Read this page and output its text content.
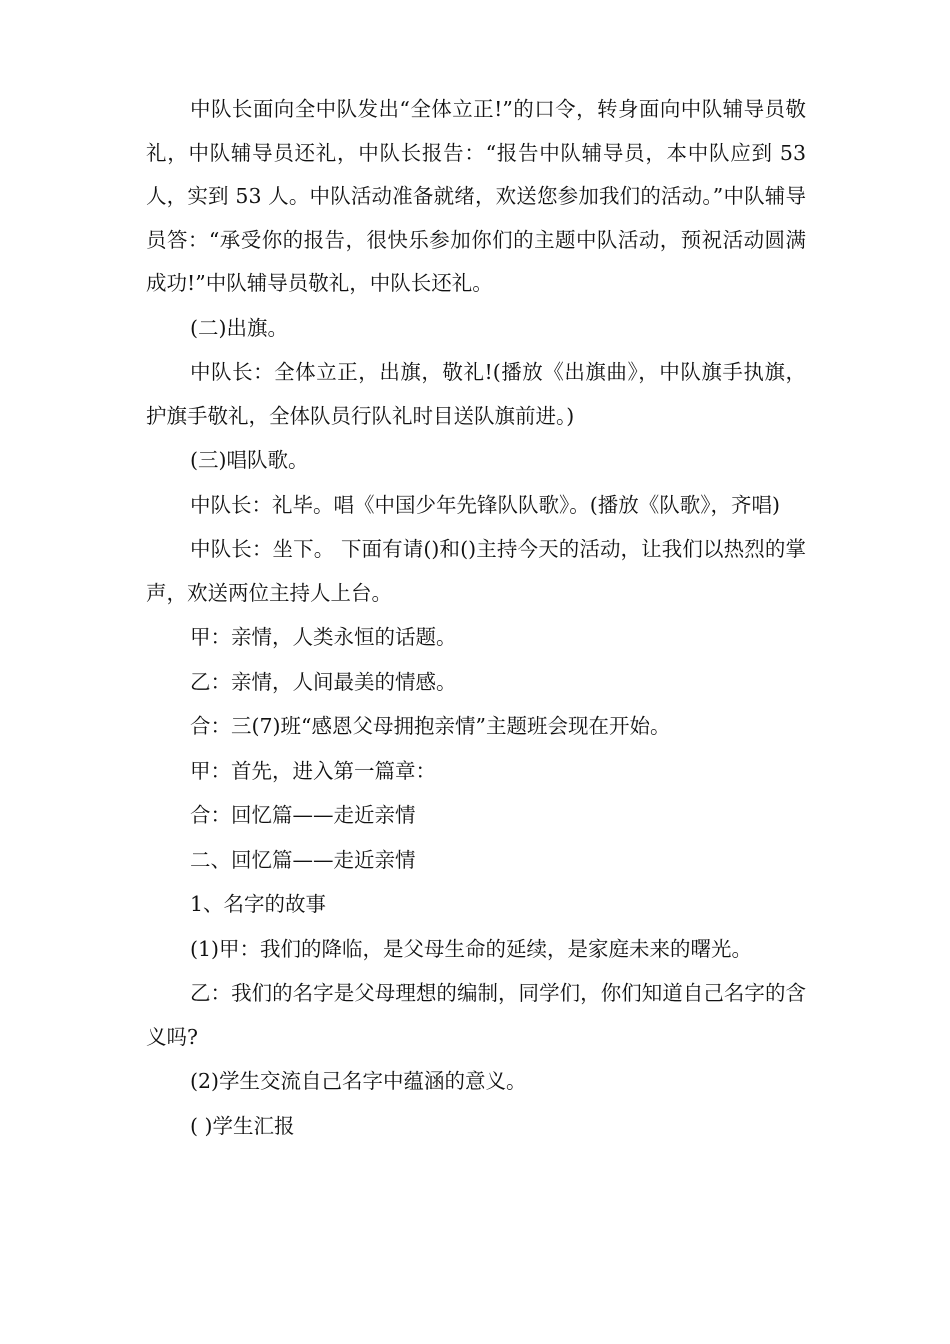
中队长面向全中队发出“全体立正!”的口令，转身面向中队辅导员敬礼，中队辅导员还礼，中队长报告：“报告中队辅导员，本中队应到 53 人，实到 53 人。中队活动准备就绪，欢送您参加我们的活动。”中队辅导员答：“承受你的报告，很快乐参加你们的主题中队活动，预祝活动圆满成功!”中队辅导员敬礼，中队长还礼。

(二)出旗。

中队长：全体立正，出旗，敬礼!(播放《出旗曲》，中队旗手执旗，护旗手敬礼，全体队员行队礼时目送队旗前进。)

(三)唱队歌。

中队长：礼毕。唱《中国少年先锋队队歌》。(播放《队歌》，齐唱)

中队长：坐下。 下面有请()和()主持今天的活动，让我们以热烈的掌声，欢送两位主持人上台。

甲：亲情，人类永恒的话题。

乙：亲情，人间最美的情感。

合：三(7)班“感恩父母拥抱亲情”主题班会现在开始。

甲：首先，进入第一篇章：

合：回忆篇——走近亲情

二、回忆篇——走近亲情

1、名字的故事

(1)甲：我们的降临，是父母生命的延续，是家庭未来的曙光。

乙：我们的名字是父母理想的编制，同学们，你们知道自己名字的含义吗?

(2)学生交流自己名字中蕴涵的意义。

( )学生汇报
